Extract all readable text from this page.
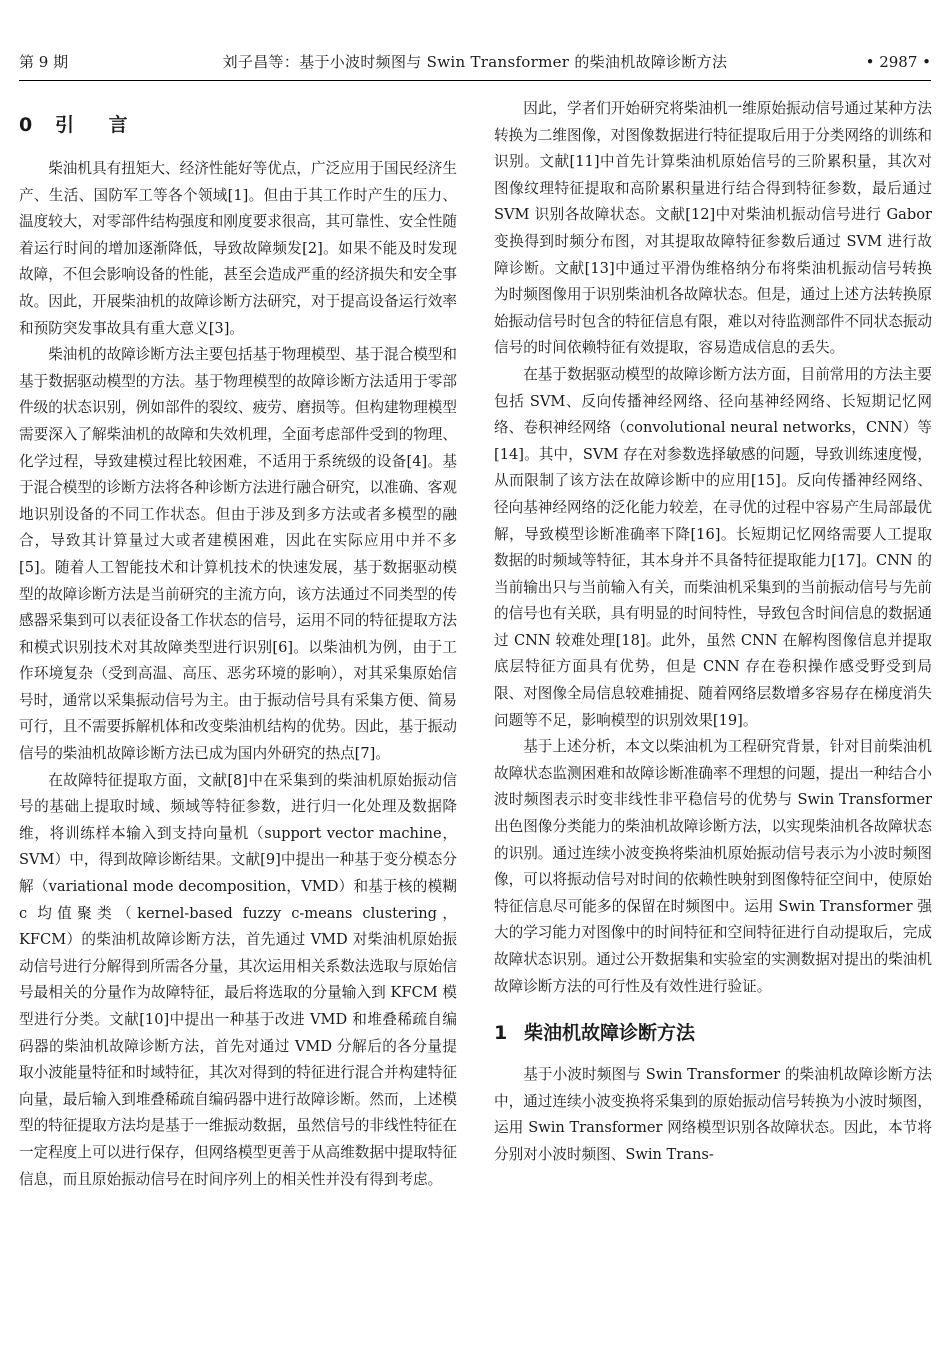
第 9 期	刘子昌等：基于小波时频图与 Swin Transformer 的柴油机故障诊断方法	• 2987 •
0 引 言

柴油机具有扭矩大、经济性能好等优点，广泛应用于国民经济生产、生活、国防军工等各个领域[1]。但由于其工作时产生的压力、温度较大，对零部件结构强度和刚度要求很高，其可靠性、安全性随着运行时间的增加逐渐降低，导致故障频发[2]。如果不能及时发现故障，不但会影响设备的性能，甚至会造成严重的经济损失和安全事故。因此，开展柴油机的故障诊断方法研究，对于提高设备运行效率和预防突发事故具有重大意义[3]。

柴油机的故障诊断方法主要包括基于物理模型、基于混合模型和基于数据驱动模型的方法。基于物理模型的故障诊断方法适用于零部件级的状态识别，例如部件的裂纹、疲劳、磨损等。但构建物理模型需要深入了解柴油机的故障和失效机理，全面考虑部件受到的物理、化学过程，导致建模过程比较困难，不适用于系统级的设备[4]。基于混合模型的诊断方法将各种诊断方法进行融合研究，以准确、客观地识别设备的不同工作状态。但由于涉及到多方法或者多模型的融合，导致其计算量过大或者建模困难，因此在实际应用中并不多[5]。随着人工智能技术和计算机技术的快速发展，基于数据驱动模型的故障诊断方法是当前研究的主流方向，该方法通过不同类型的传感器采集到可以表征设备工作状态的信号，运用不同的特征提取方法和模式识别技术对其故障类型进行识别[6]。以柴油机为例，由于工作环境复杂（受到高温、高压、恶劣环境的影响），对其采集原始信号时，通常以采集振动信号为主。由于振动信号具有采集方便、简易可行，且不需要拆解机体和改变柴油机结构的优势。因此，基于振动信号的柴油机故障诊断方法已成为国内外研究的热点[7]。

在故障特征提取方面，文献[8]中在采集到的柴油机原始振动信号的基础上提取时域、频域等特征参数，进行归一化处理及数据降维，将训练样本输入到支持向量机（support vector machine，SVM）中，得到故障诊断结果。文献[9]中提出一种基于变分模态分解（variational mode decomposition，VMD）和基于核的模糊 c 均值聚类（kernel-based fuzzy c-means clustering，KFCM）的柴油机故障诊断方法，首先通过 VMD 对柴油机原始振动信号进行分解得到所需各分量，其次运用相关系数法选取与原始信号最相关的分量作为故障特征，最后将选取的分量输入到 KFCM 模型进行分类。文献[10]中提出一种基于改进 VMD 和堆叠稀疏自编码器的柴油机故障诊断方法，首先对通过 VMD 分解后的各分量提取小波能量特征和时域特征，其次对得到的特征进行混合并构建特征向量，最后输入到堆叠稀疏自编码器中进行故障诊断。然而，上述模型的特征提取方法均是基于一维振动数据，虽然信号的非线性特征在一定程度上可以进行保存，但网络模型更善于从高维数据中提取特征信息，而且原始振动信号在时间序列上的相关性并没有得到考虑。

因此，学者们开始研究将柴油机一维原始振动信号通过某种方法转换为二维图像，对图像数据进行特征提取后用于分类网络的训练和识别。文献[11]中首先计算柴油机原始信号的三阶累积量，其次对图像纹理特征提取和高阶累积量进行结合得到特征参数，最后通过 SVM 识别各故障状态。文献[12]中对柴油机振动信号进行 Gabor 变换得到时频分布图，对其提取故障特征参数后通过 SVM 进行故障诊断。文献[13]中通过平滑伪维格纳分布将柴油机振动信号转换为时频图像用于识别柴油机各故障状态。但是，通过上述方法转换原始振动信号时包含的特征信息有限，难以对待监测部件不同状态振动信号的时间依赖特征有效提取，容易造成信息的丢失。

在基于数据驱动模型的故障诊断方法方面，目前常用的方法主要包括 SVM、反向传播神经网络、径向基神经网络、长短期记忆网络、卷积神经网络（convolutional neural networks，CNN）等[14]。其中，SVM 存在对参数选择敏感的问题，导致训练速度慢，从而限制了该方法在故障诊断中的应用[15]。反向传播神经网络、径向基神经网络的泛化能力较差，在寻优的过程中容易产生局部最优解，导致模型诊断准确率下降[16]。长短期记忆网络需要人工提取数据的时频域等特征，其本身并不具备特征提取能力[17]。CNN 的当前输出只与当前输入有关，而柴油机采集到的当前振动信号与先前的信号也有关联，具有明显的时间特性，导致包含时间信息的数据通过 CNN 较难处理[18]。此外，虽然 CNN 在解构图像信息并提取底层特征方面具有优势，但是 CNN 存在卷积操作感受野受到局限、对图像全局信息较难捕捉、随着网络层数增多容易存在梯度消失问题等不足，影响模型的识别效果[19]。

基于上述分析，本文以柴油机为工程研究背景，针对目前柴油机故障状态监测困难和故障诊断准确率不理想的问题，提出一种结合小波时频图表示时变非线性非平稳信号的优势与 Swin Transformer 出色图像分类能力的柴油机故障诊断方法，以实现柴油机各故障状态的识别。通过连续小波变换将柴油机原始振动信号表示为小波时频图像，可以将振动信号对时间的依赖性映射到图像特征空间中，使原始特征信息尽可能多的保留在时频图中。运用 Swin Transformer 强大的学习能力对图像中的时间特征和空间特征进行自动提取后，完成故障状态识别。通过公开数据集和实验室的实测数据对提出的柴油机故障诊断方法的可行性及有效性进行验证。

1 柴油机故障诊断方法

基于小波时频图与 Swin Transformer 的柴油机故障诊断方法中，通过连续小波变换将采集到的原始振动信号转换为小波时频图，运用 Swin Transformer 网络模型识别各故障状态。因此，本节将分别对小波时频图、Swin Trans-
